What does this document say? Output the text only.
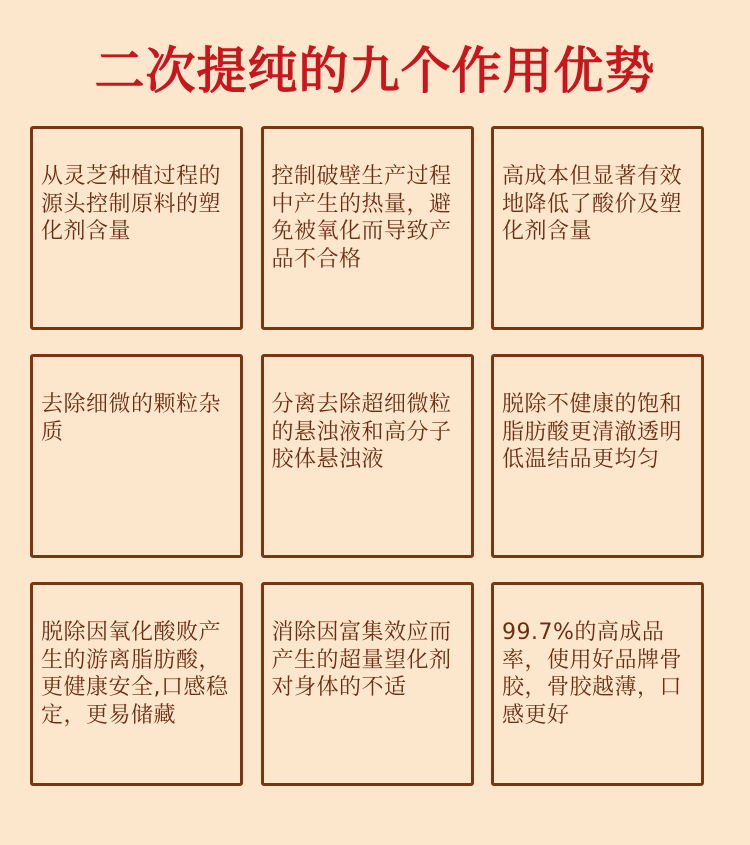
二次提纯的九个作用优势
从灵芝种植过程的源头控制原料的塑化剂含量
控制破壁生产过程中产生的热量，避免被氧化而导致产品不合格
高成本但显著有效地降低了酸价及塑化剂含量
去除细微的颗粒杂质
分离去除超细微粒的悬浊液和高分子胶体悬浊液
脱除不健康的饱和脂肪酸更清澈透明低温结品更均匀
脱除因氧化酸败产生的游离脂肪酸，更健康安全,口感稳定，更易储藏
消除因富集效应而产生的超量望化剂对身体的不适
99.7%的高成品率，使用好品牌骨胶，骨胶越薄，口感更好
